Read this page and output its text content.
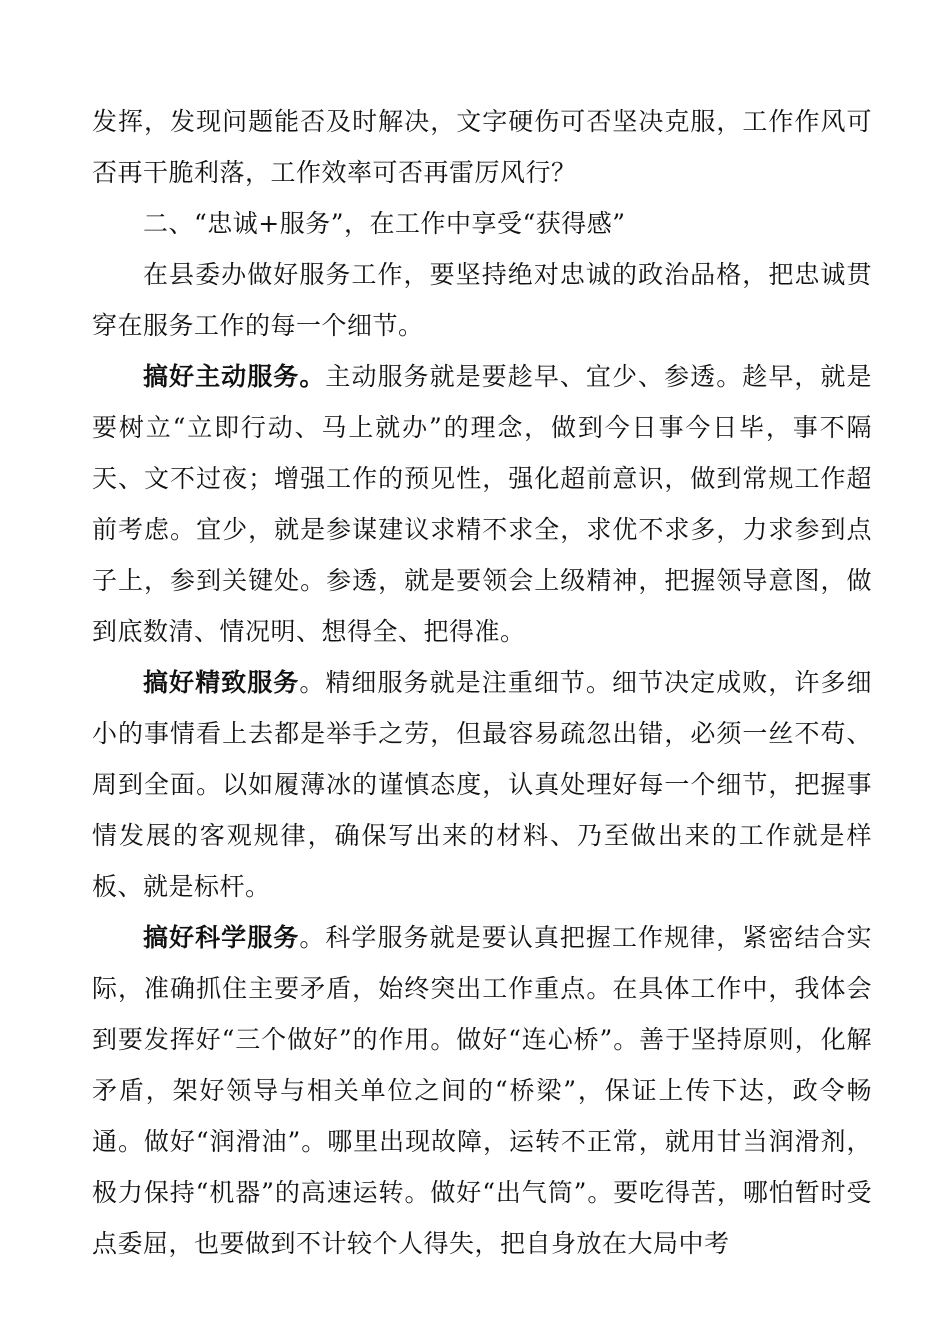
发挥，发现问题能否及时解决，文字硬伤可否坚决克服，工作作风可否再干脆利落，工作效率可否再雷厉风行？

二、“忠诚+服务”，在工作中享受“获得感”

在县委办做好服务工作，要坚持绝对忠诚的政治品格，把忠诚贯穿在服务工作的每一个细节。

搞好主动服务。主动服务就是要趁早、宜少、参透。趁早，就是要树立“立即行动、马上就办”的理念，做到今日事今日毕，事不隔天、文不过夜；增强工作的预见性，强化超前意识，做到常规工作超前考虑。宜少，就是参谋建议求精不求全，求优不求多，力求参到点子上，参到关键处。参透，就是要领会上级精神，把握领导意图，做到底数清、情况明、想得全、把得准。

搞好精致服务。精细服务就是注重细节。细节决定成败，许多细小的事情看上去都是举手之劳，但最容易疏忽出错，必须一丝不苟、周到全面。以如履薄冰的谨慎态度，认真处理好每一个细节，把握事情发展的客观规律，确保写出来的材料、乃至做出来的工作就是样板、就是标杆。

搞好科学服务。科学服务就是要认真把握工作规律，紧密结合实际，准确抓住主要矛盾，始终突出工作重点。在具体工作中，我体会到要发挥好“三个做好”的作用。做好“连心桥”。善于坚持原则，化解矛盾，架好领导与相关单位之间的“桥梁”，保证上传下达，政令畅通。做好“润滑油”。哪里出现故障，运转不正常，就用甘当润滑剂，极力保持“机器”的高速运转。做好“出气筒”。要吃得苦，哪怕暂时受点委屈，也要做到不计较个人得失，把自身放在大局中考
